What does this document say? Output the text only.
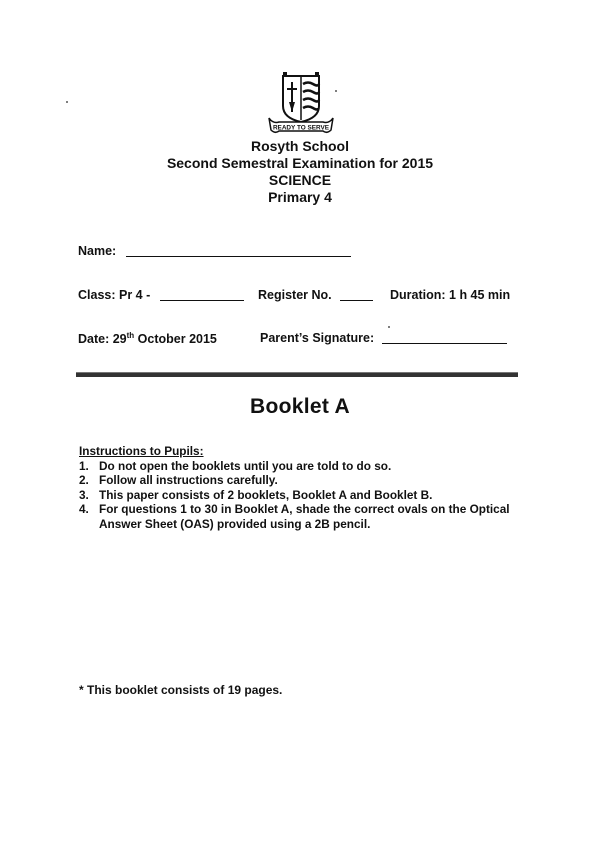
READY TO SERVE
Rosyth School
Second Semestral Examination for 2015
SCIENCE
Primary 4
Name:
Class: Pr 4 -	Register No.	Duration: 1 h 45 min
Date: 29th October 2015	Parent’s Signature:
Booklet A
Instructions to Pupils:
1. Do not open the booklets until you are told to do so.
2. Follow all instructions carefully.
3. This paper consists of 2 booklets, Booklet A and Booklet B.
4. For questions 1 to 30 in Booklet A, shade the correct ovals on the Optical Answer Sheet (OAS) provided using a 2B pencil.
* This booklet consists of 19 pages.
